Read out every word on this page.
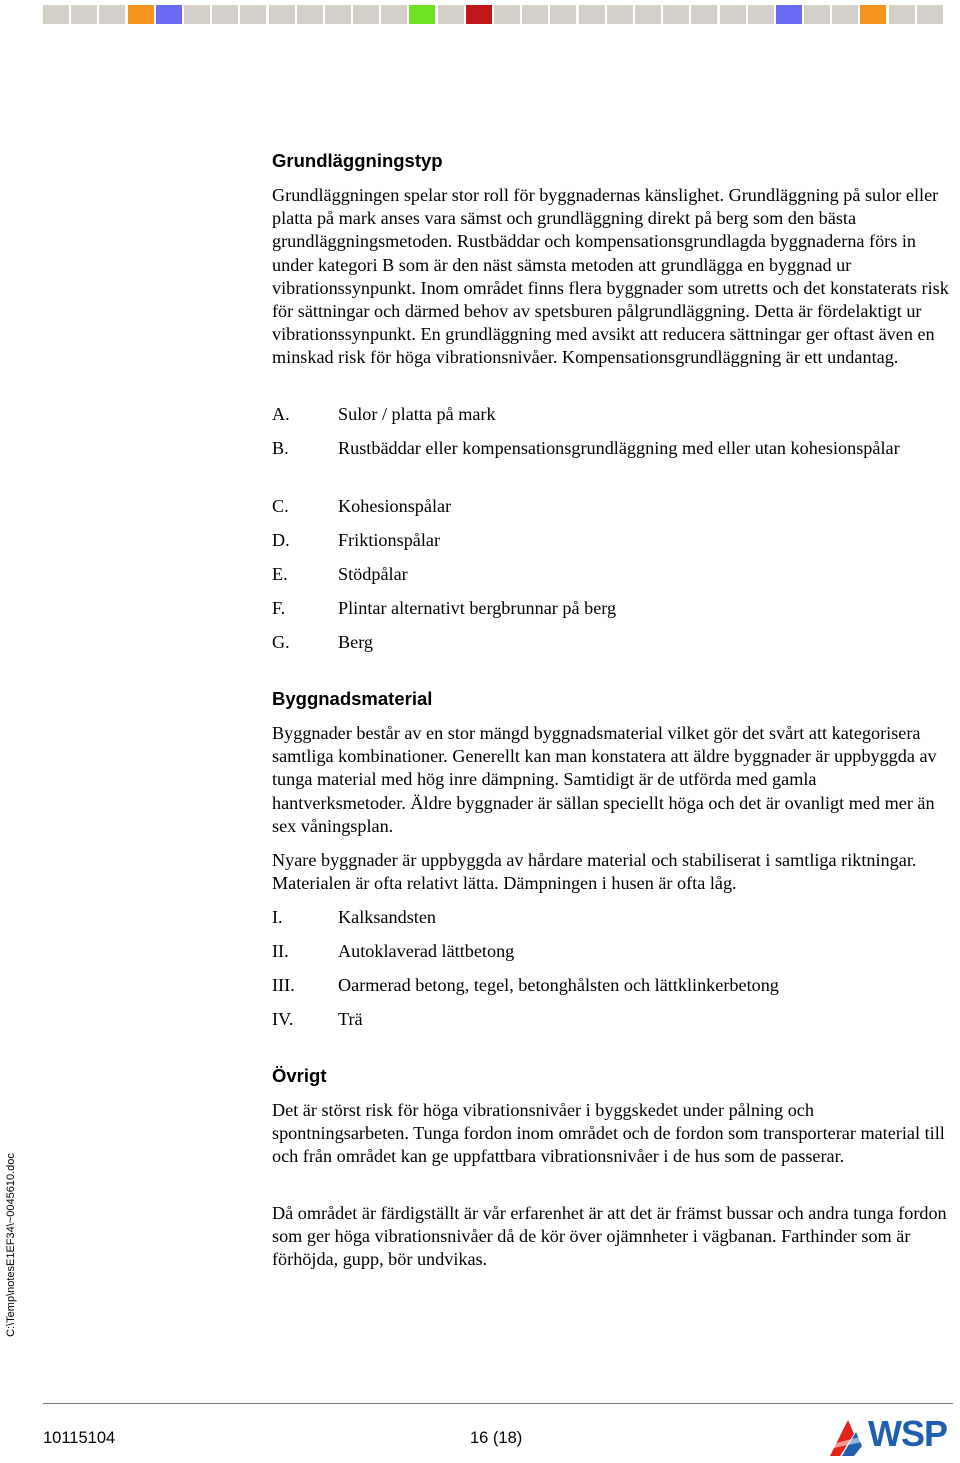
Grundläggningstyp

Grundläggningen spelar stor roll för byggnadernas känslighet. Grundläggning på sulor eller platta på mark anses vara sämst och grundläggning direkt på berg som den bästa grundläggningsmetoden. Rustbäddar och kompensationsgrundlagda byggnaderna förs in under kategori B som är den näst sämsta metoden att grundlägga en byggnad ur vibrationssynpunkt. Inom området finns flera byggnader som utretts och det konstaterats risk för sättningar och därmed behov av spetsburen pålgrundläggning. Detta är fördelaktigt ur vibrationssynpunkt. En grundläggning med avsikt att reducera sättningar ger oftast även en minskad risk för höga vibrationsnivåer. Kompensationsgrundläggning är ett undantag.

A.	Sulor / platta på mark
B.	Rustbäddar eller kompensationsgrundläggning med eller utan kohesionspålar
C.	Kohesionspålar
D.	Friktionspålar
E.	Stödpålar
F.	Plintar alternativt bergbrunnar på berg
G.	Berg
Byggnadsmaterial

Byggnader består av en stor mängd byggnadsmaterial vilket gör det svårt att kategorisera samtliga kombinationer. Generellt kan man konstatera att äldre byggnader är uppbyggda av tunga material med hög inre dämpning. Samtidigt är de utförda med gamla hantverksmetoder. Äldre byggnader är sällan speciellt höga och det är ovanligt med mer än sex våningsplan.

Nyare byggnader är uppbyggda av hårdare material och stabiliserat i samtliga riktningar. Materialen är ofta relativt lätta. Dämpningen i husen är ofta låg.

I.	Kalksandsten
II.	Autoklaverad lättbetong
III. Oarmerad betong, tegel, betonghålsten och lättklinkerbetong
IV. Trä
Övrigt

Det är störst risk för höga vibrationsnivåer i byggskedet under pålning och spontningsarbeten. Tunga fordon inom området och de fordon som transporterar material till och från området kan ge uppfattbara vibrationsnivåer i de hus som de passerar.

Då området är färdigställt är vår erfarenhet är att det är främst bussar och andra tunga fordon som ger höga vibrationsnivåer då de kör över ojämnheter i vägbanan. Farthinder som är förhöjda, gupp, bör undvikas.

C:\Temp\notesE1EF34\~0045610.doc
10115104	16 (18)	WSP
